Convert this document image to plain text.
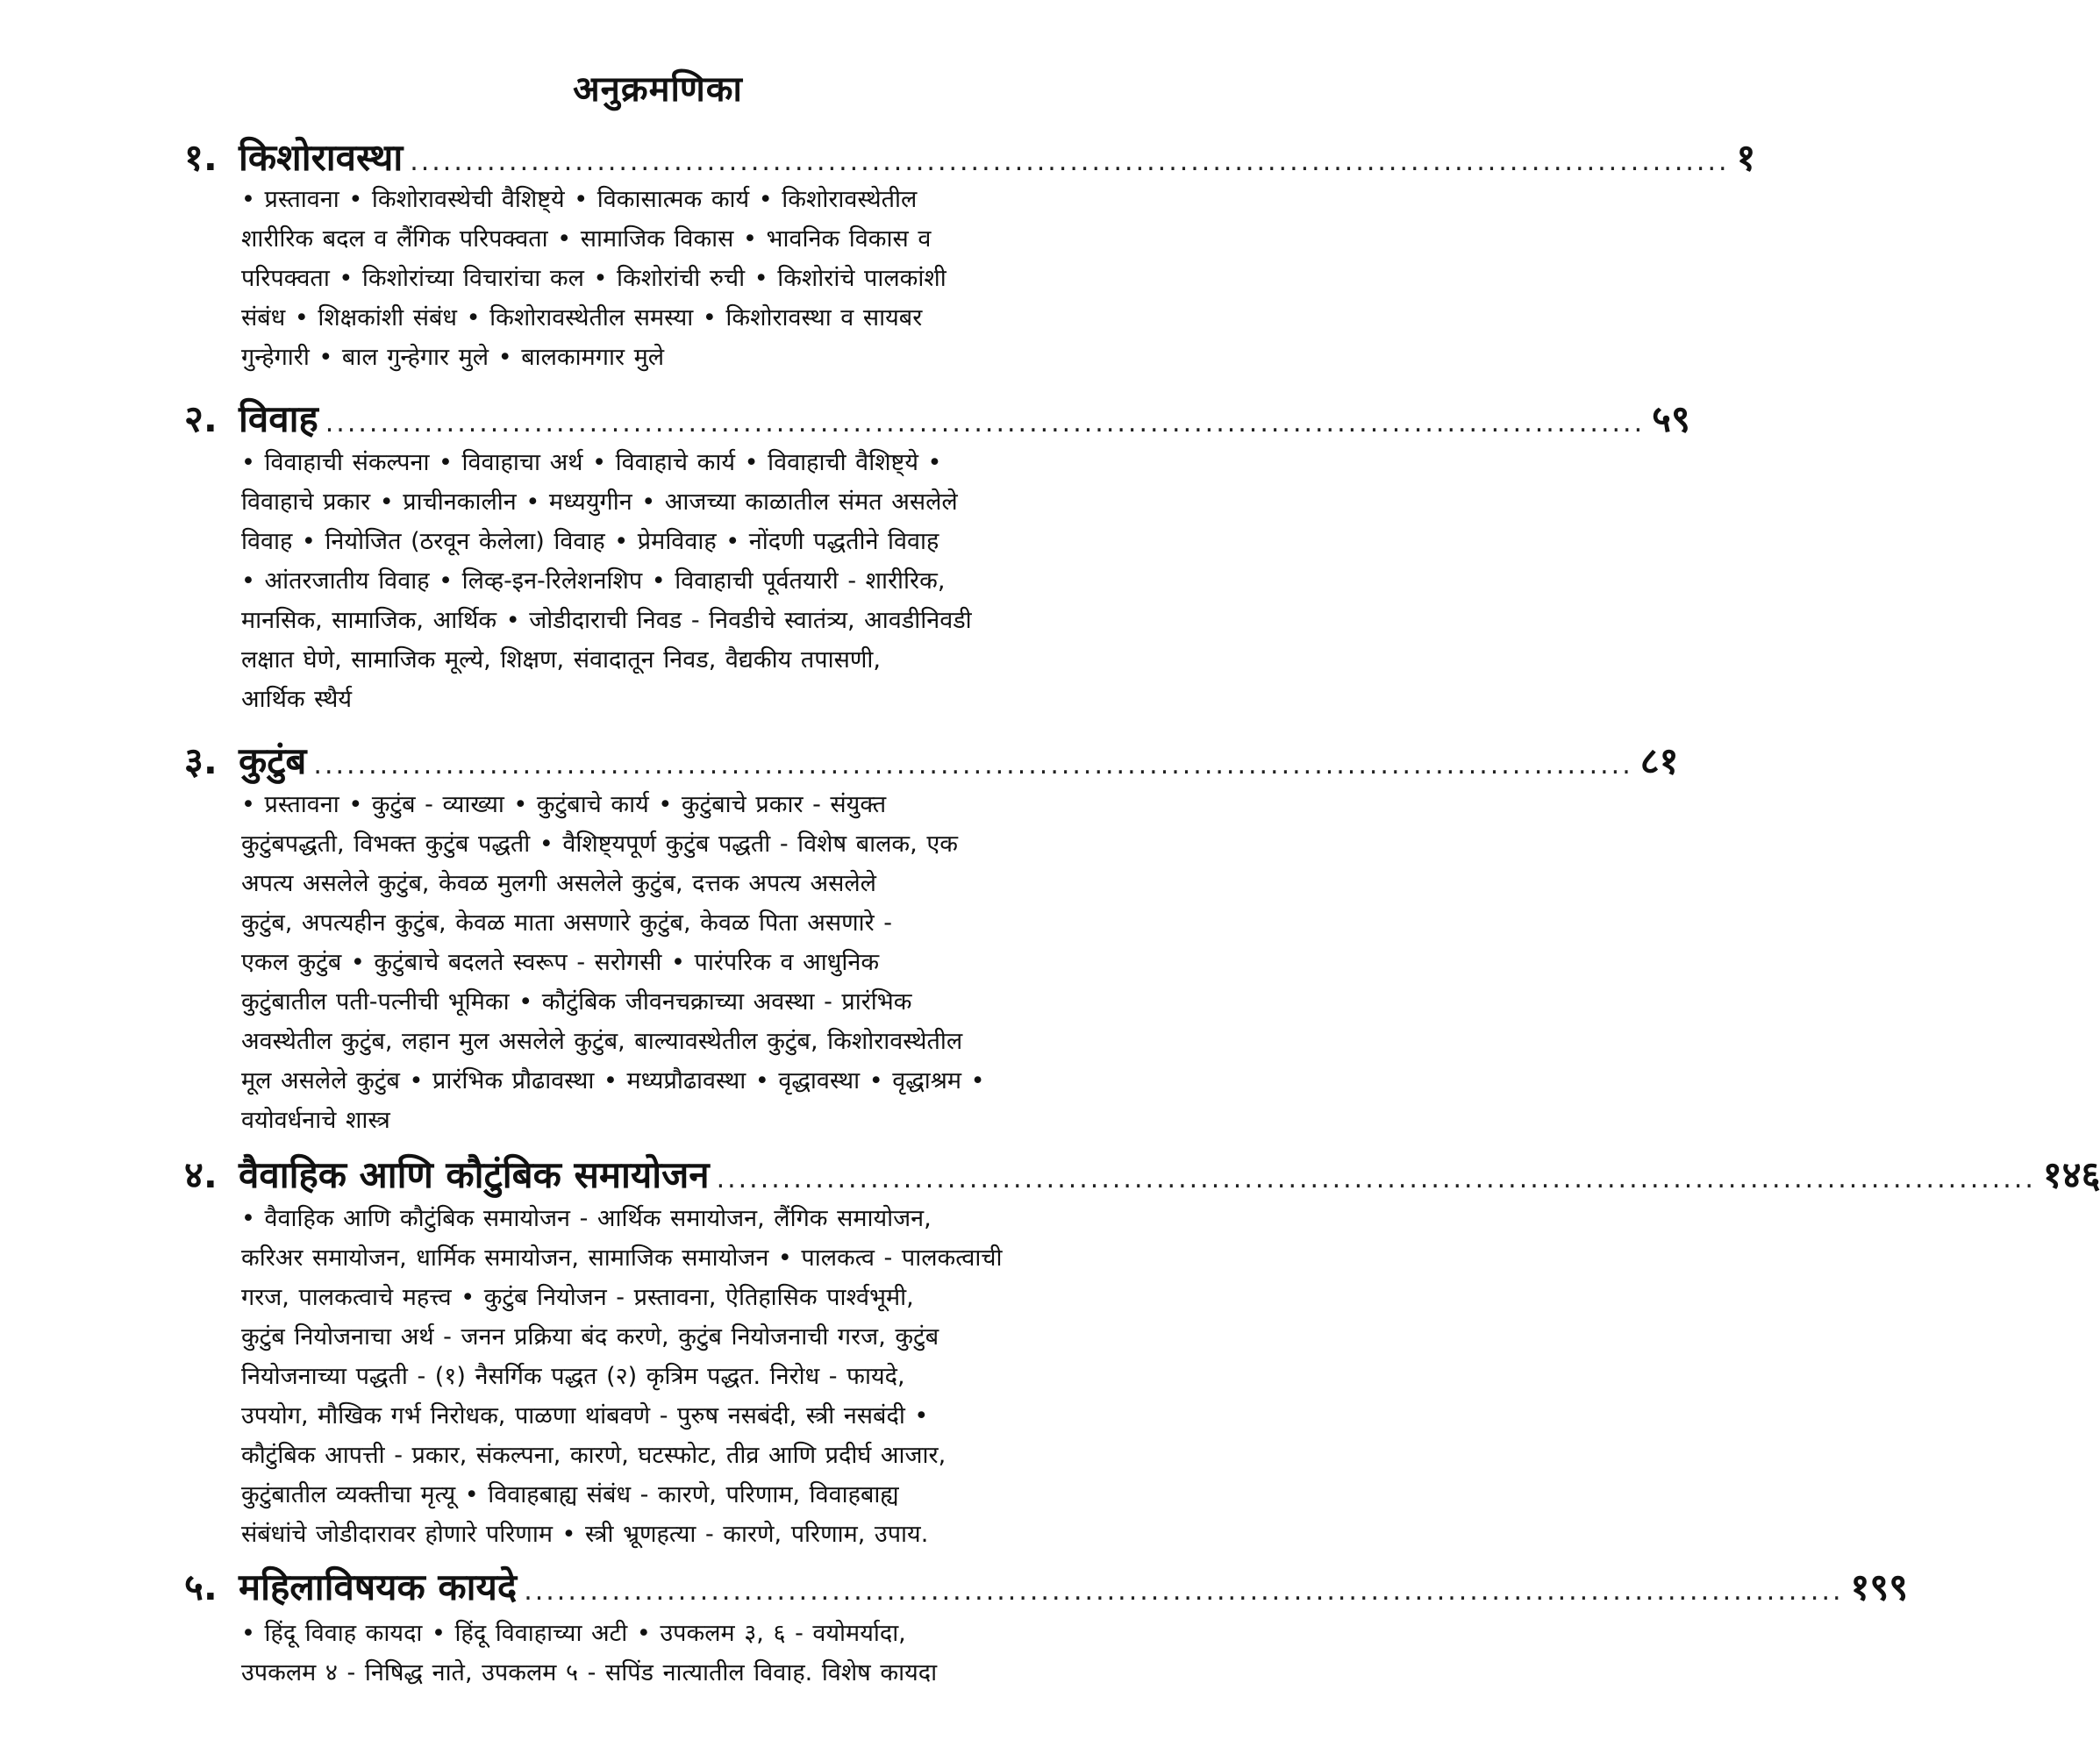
अनुक्रमणिका
१. किशोरावस्था ........................................................................................................................ १
• प्रस्तावना • किशोरावस्थेची वैशिष्ट्ये • विकासात्मक कार्य • किशोरावस्थेतील
शारीरिक बदल व लैंगिक परिपक्वता • सामाजिक विकास • भावनिक विकास व
परिपक्वता • किशोरांच्या विचारांचा कल • किशोरांची रुची • किशोरांचे पालकांशी
संबंध • शिक्षकांशी संबंध • किशोरावस्थेतील समस्या • किशोरावस्था व सायबर
गुन्हेगारी • बाल गुन्हेगार मुले • बालकामगार मुले
२. विवाह ........................................................................................................................ ५९
• विवाहाची संकल्पना • विवाहाचा अर्थ • विवाहाचे कार्य • विवाहाची वैशिष्ट्ये •
विवाहाचे प्रकार • प्राचीनकालीन • मध्ययुगीन • आजच्या काळातील संमत असलेले
विवाह • नियोजित (ठरवून केलेला) विवाह • प्रेमविवाह • नोंदणी पद्धतीने विवाह
• आंतरजातीय विवाह • लिव्ह-इन-रिलेशनशिप • विवाहाची पूर्वतयारी - शारीरिक,
मानसिक, सामाजिक, आर्थिक • जोडीदाराची निवड - निवडीचे स्वातंत्र्य, आवडीनिवडी
लक्षात घेणे, सामाजिक मूल्ये, शिक्षण, संवादातून निवड, वैद्यकीय तपासणी,
आर्थिक स्थैर्य
३. कुटुंब ........................................................................................................................ ८१
• प्रस्तावना • कुटुंब - व्याख्या • कुटुंबाचे कार्य • कुटुंबाचे प्रकार - संयुक्त
कुटुंबपद्धती, विभक्त कुटुंब पद्धती • वैशिष्ट्यपूर्ण कुटुंब पद्धती - विशेष बालक, एक
अपत्य असलेले कुटुंब, केवळ मुलगी असलेले कुटुंब, दत्तक अपत्य असलेले
कुटुंब, अपत्यहीन कुटुंब, केवळ माता असणारे कुटुंब, केवळ पिता असणारे -
एकल कुटुंब • कुटुंबाचे बदलते स्वरूप - सरोगसी • पारंपरिक व आधुनिक
कुटुंबातील पती-पत्नीची भूमिका • कौटुंबिक जीवनचक्राच्या अवस्था - प्रारंभिक
अवस्थेतील कुटुंब, लहान मुल असलेले कुटुंब, बाल्यावस्थेतील कुटुंब, किशोरावस्थेतील
मूल असलेले कुटुंब • प्रारंभिक प्रौढावस्था • मध्यप्रौढावस्था • वृद्धावस्था • वृद्धाश्रम •
वयोवर्धनाचे शास्त्र
४. वैवाहिक आणि कौटुंबिक समायोजन ........................................................................................................................ १४६
• वैवाहिक आणि कौटुंबिक समायोजन - आर्थिक समायोजन, लैंगिक समायोजन,
करिअर समायोजन, धार्मिक समायोजन, सामाजिक समायोजन • पालकत्व - पालकत्वाची
गरज, पालकत्वाचे महत्त्व • कुटुंब नियोजन - प्रस्तावना, ऐतिहासिक पार्श्वभूमी,
कुटुंब नियोजनाचा अर्थ - जनन प्रक्रिया बंद करणे, कुटुंब नियोजनाची गरज, कुटुंब
नियोजनाच्या पद्धती - (१) नैसर्गिक पद्धत (२) कृत्रिम पद्धत. निरोध - फायदे,
उपयोग, मौखिक गर्भ निरोधक, पाळणा थांबवणे - पुरुष नसबंदी, स्त्री नसबंदी •
कौटुंबिक आपत्ती - प्रकार, संकल्पना, कारणे, घटस्फोट, तीव्र आणि प्रदीर्घ आजार,
कुटुंबातील व्यक्तीचा मृत्यू • विवाहबाह्य संबंध - कारणे, परिणाम, विवाहबाह्य
संबंधांचे जोडीदारावर होणारे परिणाम • स्त्री भ्रूणहत्या - कारणे, परिणाम, उपाय.
५. महिलाविषयक कायदे ........................................................................................................................ १९९
• हिंदू विवाह कायदा • हिंदू विवाहाच्या अटी • उपकलम ३, ६ - वयोमर्यादा,
उपकलम ४ - निषिद्ध नाते, उपकलम ५ - सपिंड नात्यातील विवाह. विशेष कायदा
